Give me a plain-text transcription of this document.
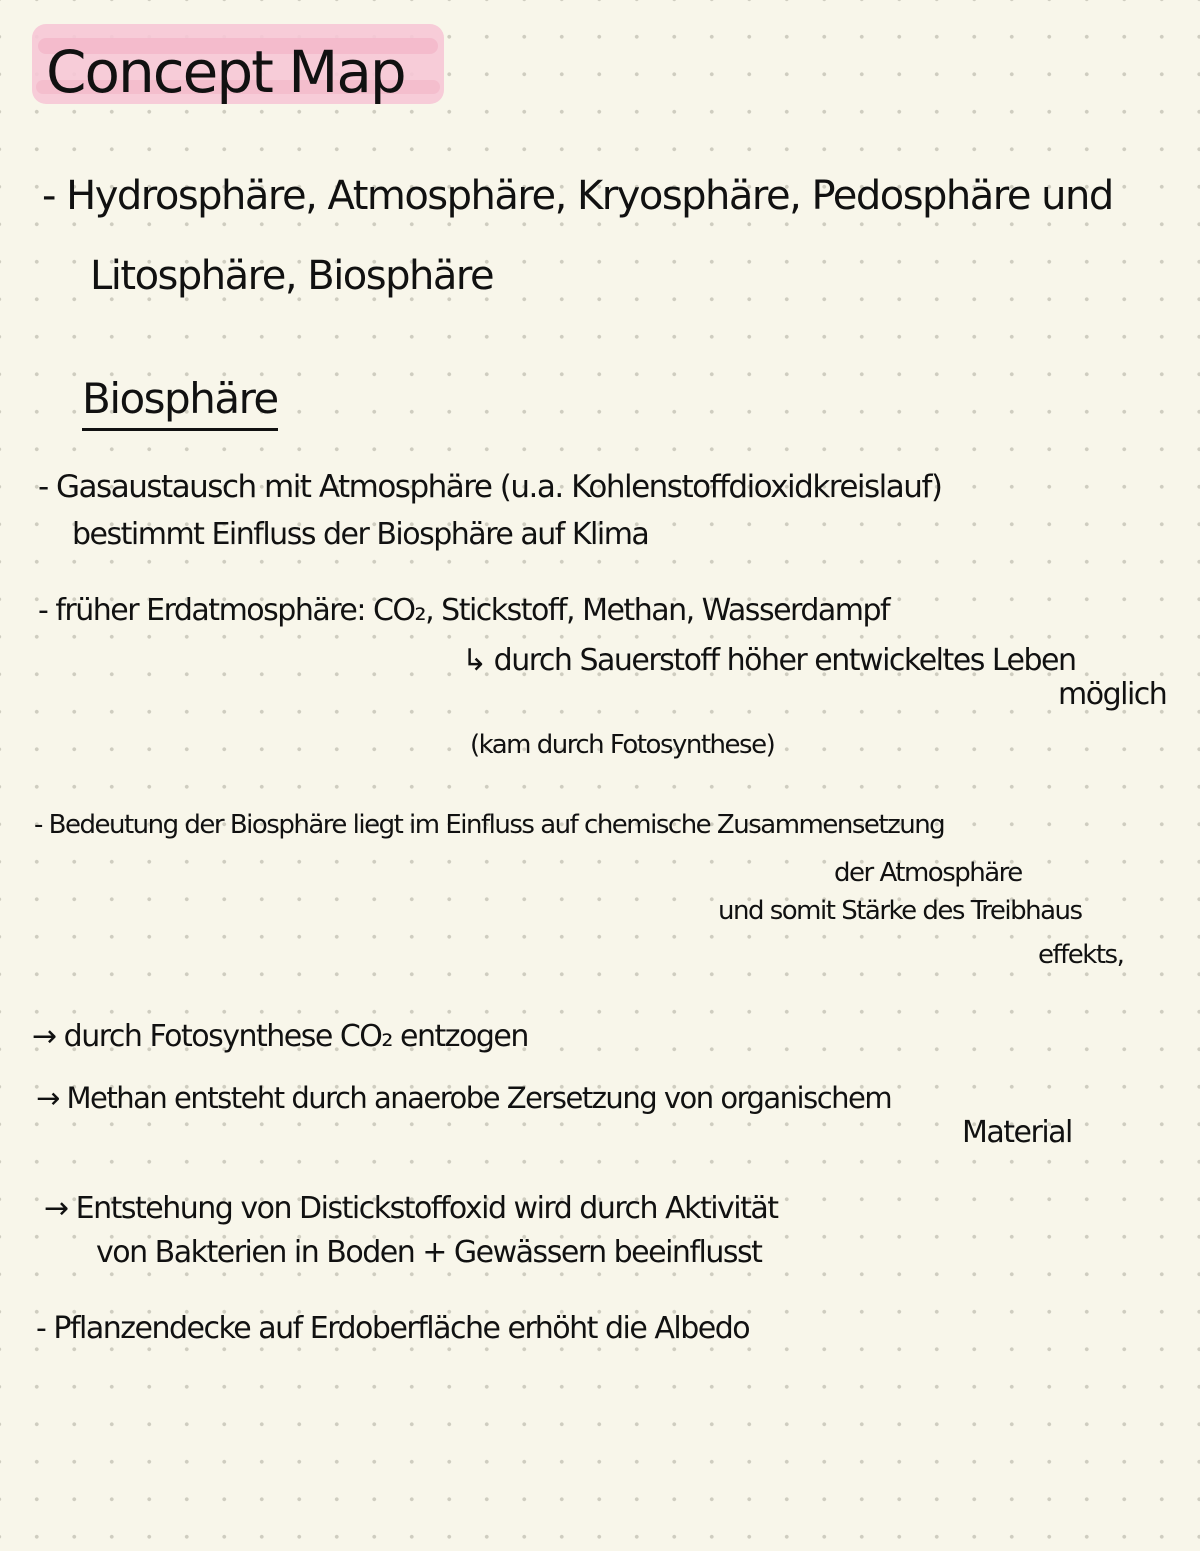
Concept Map
- Hydrosphäre, Atmosphäre, Kryosphäre, Pedosphäre und
Litosphäre, Biosphäre
Biosphäre
- Gasaustausch mit Atmosphäre (u.a. Kohlenstoffdioxidkreislauf)
bestimmt Einfluss der Biosphäre auf Klima
- früher Erdatmosphäre: CO₂, Stickstoff, Methan, Wasserdampf
↳ durch Sauerstoff höher entwickeltes Leben
möglich
(kam durch Fotosynthese)
- Bedeutung der Biosphäre liegt im Einfluss auf chemische Zusammensetzung
der Atmosphäre
und somit Stärke des Treibhaus
effekts,
→ durch Fotosynthese CO₂ entzogen
→ Methan entsteht durch anaerobe Zersetzung von organischem
Material
→ Entstehung von Distickstoffoxid wird durch Aktivität
von Bakterien in Boden + Gewässern beeinflusst
- Pflanzendecke auf Erdoberfläche erhöht die Albedo
